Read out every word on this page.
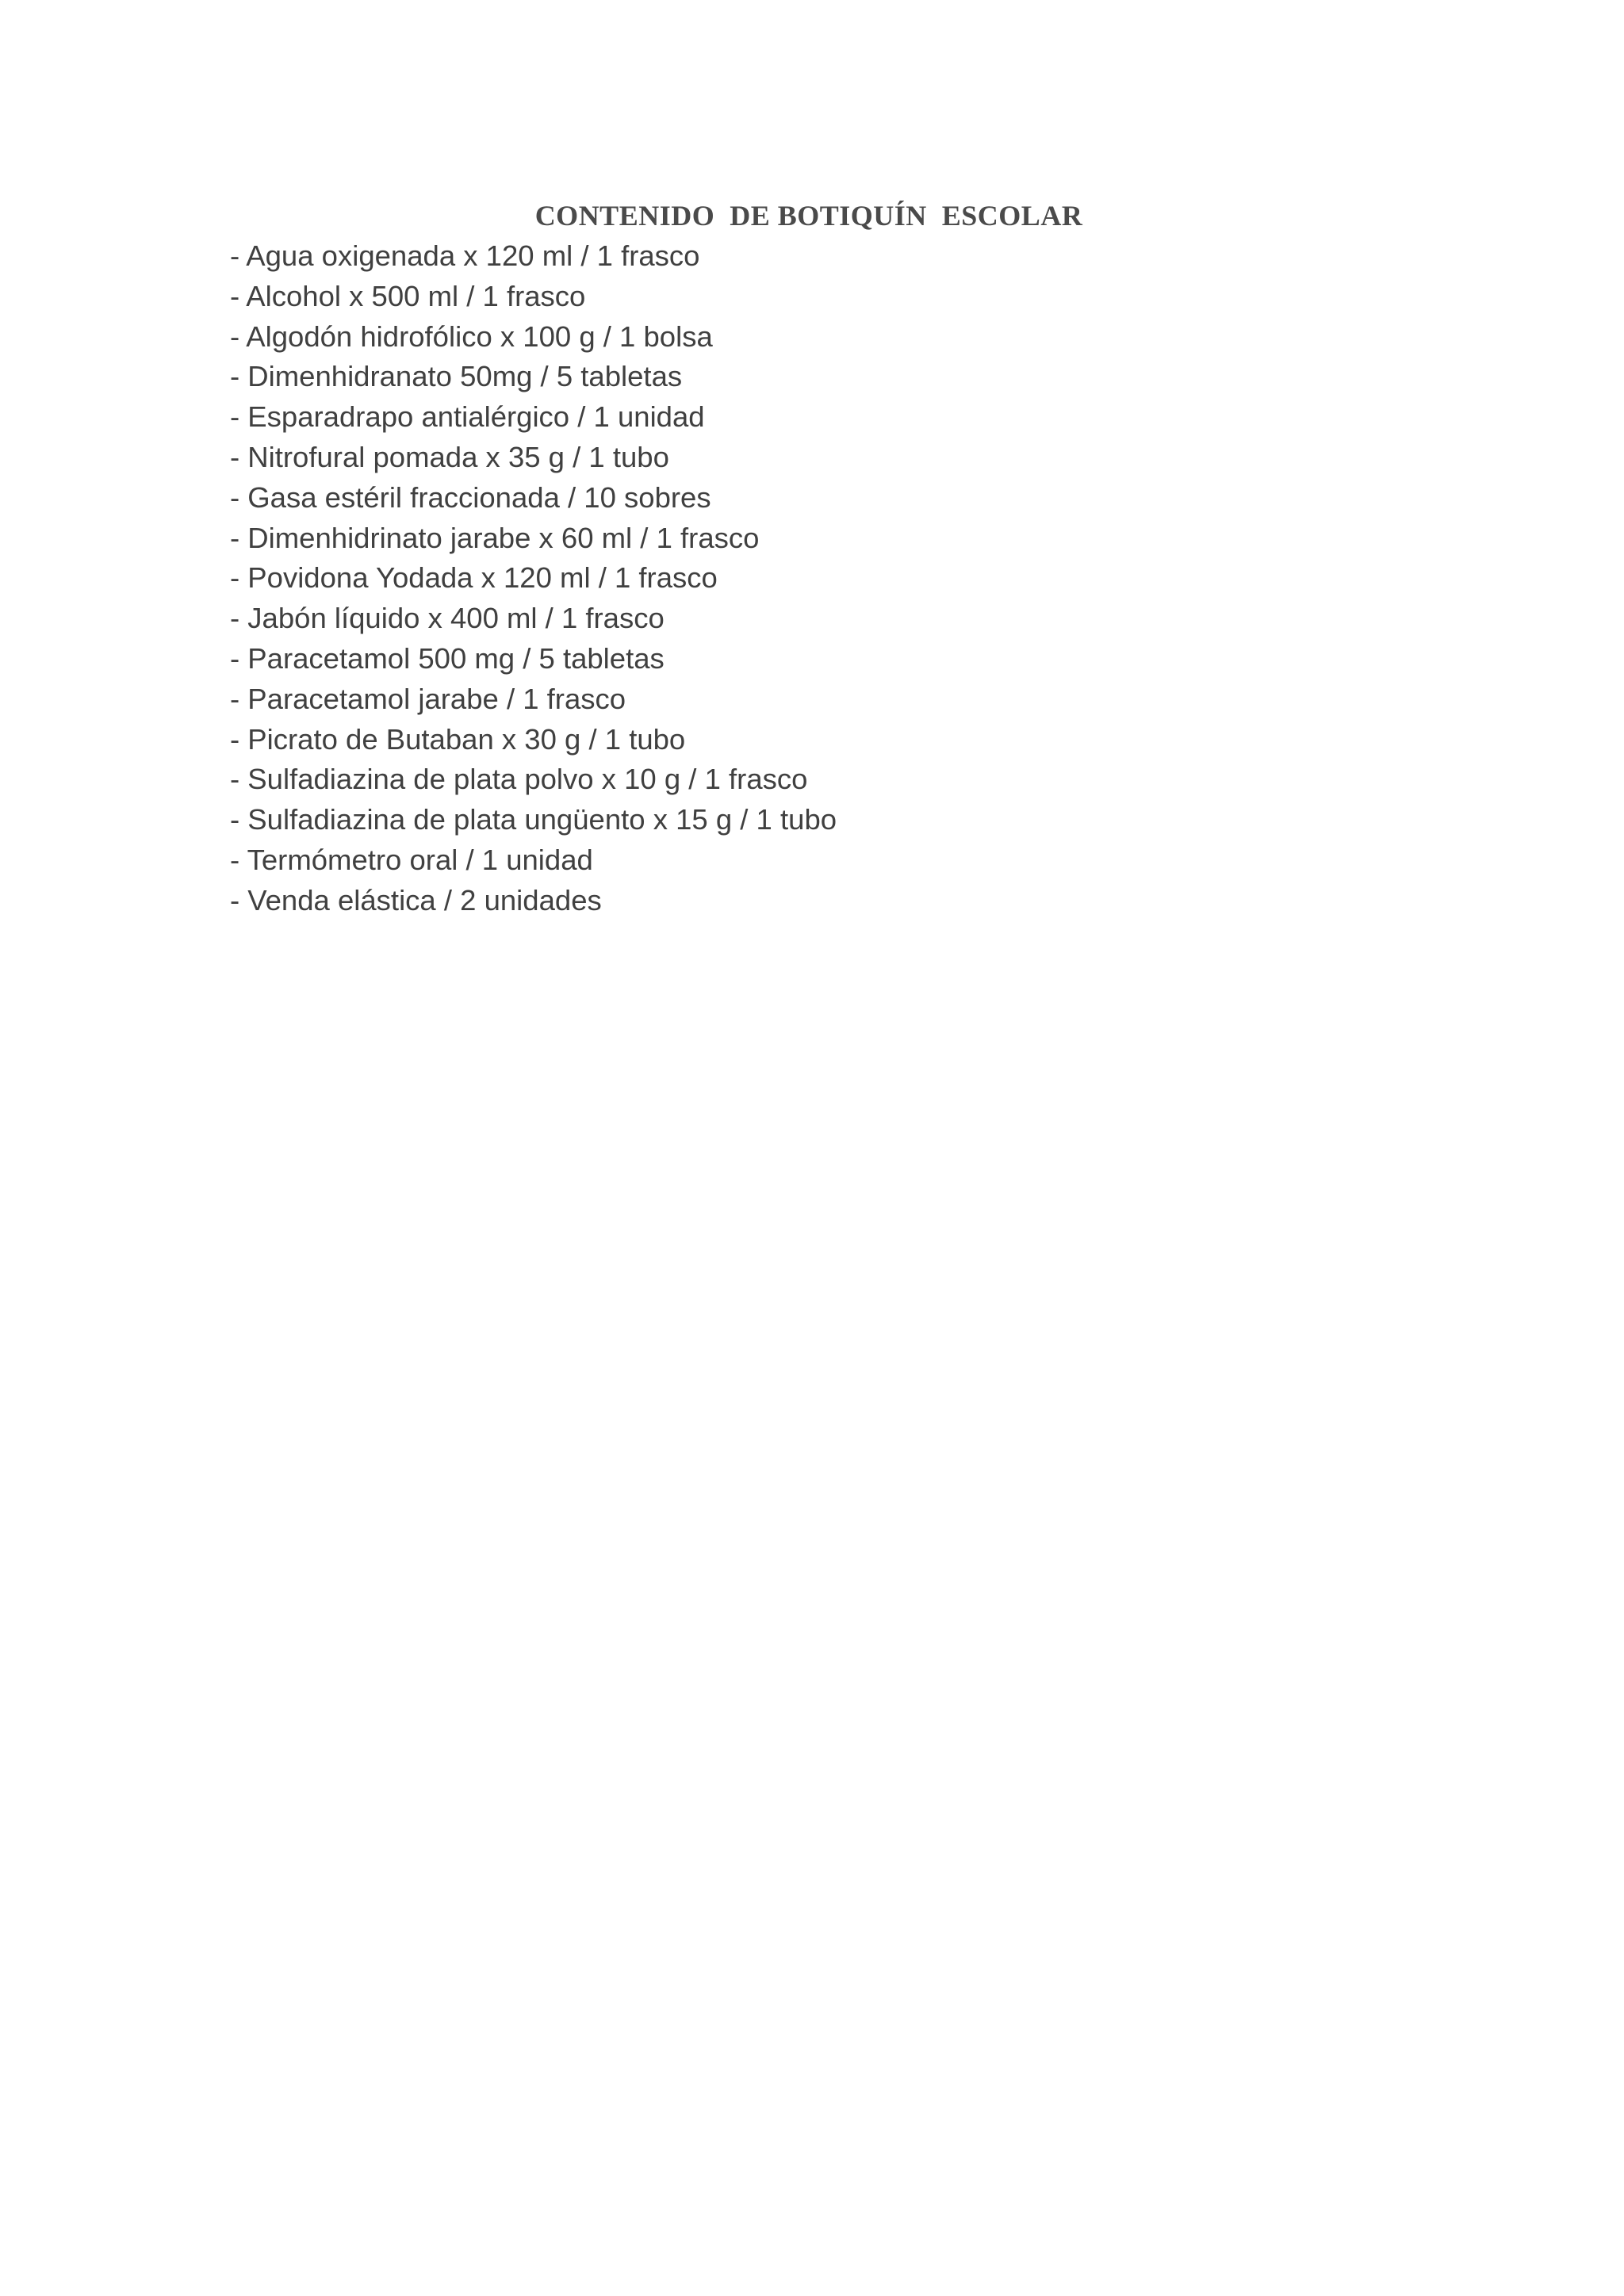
CONTENIDO  DE BOTIQUÍN  ESCOLAR
- Agua oxigenada x 120 ml / 1 frasco
- Alcohol x 500 ml / 1 frasco
- Algodón hidrofólico x 100 g / 1 bolsa
- Dimenhidranato 50mg / 5 tabletas
- Esparadrapo antialérgico / 1 unidad
- Nitrofural pomada x 35 g / 1 tubo
- Gasa estéril fraccionada / 10 sobres
- Dimenhidrinato jarabe x 60 ml / 1 frasco
- Povidona Yodada x 120 ml / 1 frasco
- Jabón líquido x 400 ml / 1 frasco
- Paracetamol 500 mg / 5 tabletas
- Paracetamol jarabe / 1 frasco
- Picrato de Butaban x 30 g / 1 tubo
- Sulfadiazina de plata polvo x 10 g / 1 frasco
- Sulfadiazina de plata ungüento x 15 g / 1 tubo
- Termómetro oral / 1 unidad
- Venda elástica / 2 unidades
